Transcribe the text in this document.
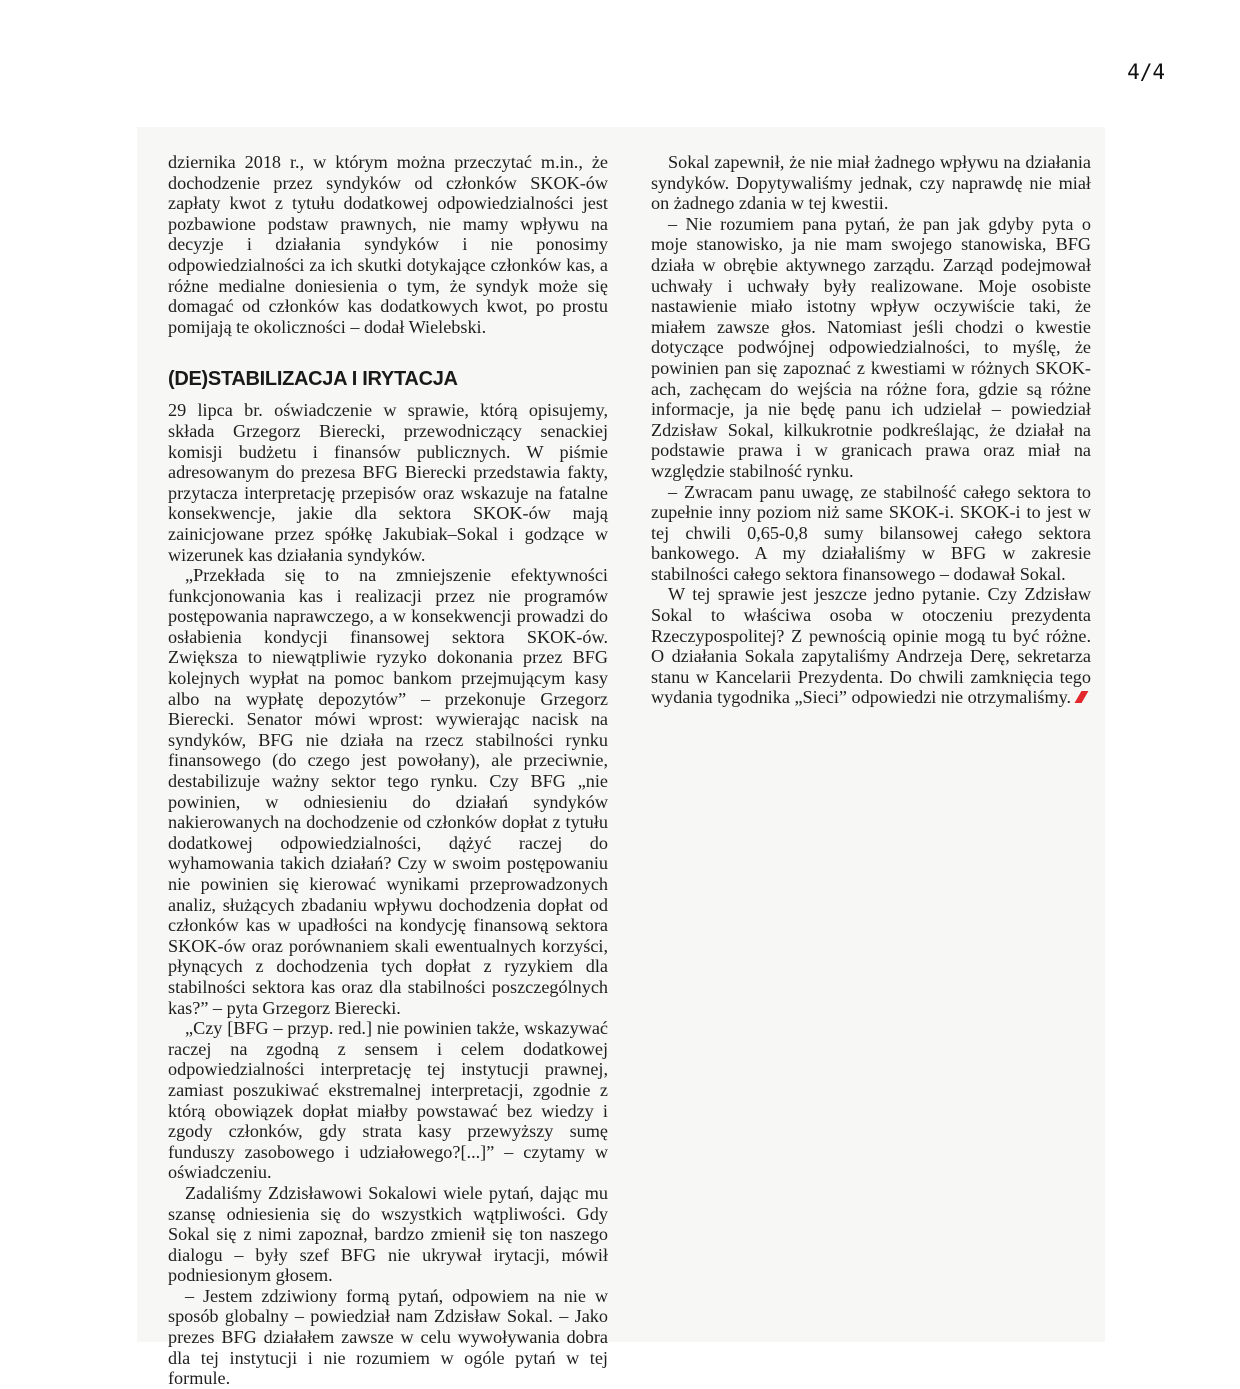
4/4

dziernika 2018 r., w którym można przeczytać m.in., że dochodzenie przez syndyków od członków SKOK-ów zapłaty kwot z tytułu dodatkowej odpowiedzialności jest pozbawione podstaw prawnych, nie mamy wpływu na decyzje i działania syndyków i nie ponosimy odpowiedzialności za ich skutki dotykające członków kas, a różne medialne doniesienia o tym, że syndyk może się domagać od członków kas dodatkowych kwot, po prostu pomijają te okoliczności – dodał Wielebski.

(DE)STABILIZACJA I IRYTACJA

29 lipca br. oświadczenie w sprawie, którą opisujemy, składa Grzegorz Bierecki, przewodniczący senackiej komisji budżetu i finansów publicznych. W piśmie adresowanym do prezesa BFG Bierecki przedstawia fakty, przytacza interpretację przepisów oraz wskazuje na fatalne konsekwencje, jakie dla sektora SKOK-ów mają zainicjowane przez spółkę Jakubiak–Sokal i godzące w wizerunek kas działania syndyków.

„Przekłada się to na zmniejszenie efektywności funkcjonowania kas i realizacji przez nie programów postępowania naprawczego, a w konsekwencji prowadzi do osłabienia kondycji finansowej sektora SKOK-ów. Zwiększa to niewątpliwie ryzyko dokonania przez BFG kolejnych wypłat na pomoc bankom przejmującym kasy albo na wypłatę depozytów” – przekonuje Grzegorz Bierecki. Senator mówi wprost: wywierając nacisk na syndyków, BFG nie działa na rzecz stabilności rynku finansowego (do czego jest powołany), ale przeciwnie, destabilizuje ważny sektor tego rynku. Czy BFG „nie powinien, w odniesieniu do działań syndyków nakierowanych na dochodzenie od członków dopłat z tytułu dodatkowej odpowiedzialności, dążyć raczej do wyhamowania takich działań? Czy w swoim postępowaniu nie powinien się kierować wynikami przeprowadzonych analiz, służących zbadaniu wpływu dochodzenia dopłat od członków kas w upadłości na kondycję finansową sektora SKOK-ów oraz porównaniem skali ewentualnych korzyści, płynących z dochodzenia tych dopłat z ryzykiem dla stabilności sektora kas oraz dla stabilności poszczególnych kas?” – pyta Grzegorz Bierecki.

„Czy [BFG – przyp. red.] nie powinien także, wskazywać raczej na zgodną z sensem i celem dodatkowej odpowiedzialności interpretację tej instytucji prawnej, zamiast poszukiwać ekstremalnej interpretacji, zgodnie z którą obowiązek dopłat miałby powstawać bez wiedzy i zgody członków, gdy strata kasy przewyższy sumę funduszy zasobowego i udziałowego?[...]” – czytamy w oświadczeniu.

Zadaliśmy Zdzisławowi Sokalowi wiele pytań, dając mu szansę odniesienia się do wszystkich wątpliwości. Gdy Sokal się z nimi zapoznał, bardzo zmienił się ton naszego dialogu – były szef BFG nie ukrywał irytacji, mówił podniesionym głosem.

– Jestem zdziwiony formą pytań, odpowiem na nie w sposób globalny – powiedział nam Zdzisław Sokal. – Jako prezes BFG działałem zawsze w celu wywoływania dobra dla tej instytucji i nie rozumiem w ogóle pytań w tej formule.

Sokal zapewnił, że nie miał żadnego wpływu na działania syndyków. Dopytywaliśmy jednak, czy naprawdę nie miał on żadnego zdania w tej kwestii.

– Nie rozumiem pana pytań, że pan jak gdyby pyta o moje stanowisko, ja nie mam swojego stanowiska, BFG działa w obrębie aktywnego zarządu. Zarząd podejmował uchwały i uchwały były realizowane. Moje osobiste nastawienie miało istotny wpływ oczywiście taki, że miałem zawsze głos. Natomiast jeśli chodzi o kwestie dotyczące podwójnej odpowiedzialności, to myślę, że powinien pan się zapoznać z kwestiami w różnych SKOK-ach, zachęcam do wejścia na różne fora, gdzie są różne informacje, ja nie będę panu ich udzielał – powiedział Zdzisław Sokal, kilkukrotnie podkreślając, że działał na podstawie prawa i w granicach prawa oraz miał na względzie stabilność rynku.

– Zwracam panu uwagę, ze stabilność całego sektora to zupełnie inny poziom niż same SKOK-i. SKOK-i to jest w tej chwili 0,65-0,8 sumy bilansowej całego sektora bankowego. A my działaliśmy w BFG w zakresie stabilności całego sektora finansowego – dodawał Sokal.

W tej sprawie jest jeszcze jedno pytanie. Czy Zdzisław Sokal to właściwa osoba w otoczeniu prezydenta Rzeczypospolitej? Z pewnością opinie mogą tu być różne. O działania Sokala zapytaliśmy Andrzeja Derę, sekretarza stanu w Kancelarii Prezydenta. Do chwili zamknięcia tego wydania tygodnika „Sieci” odpowiedzi nie otrzymaliśmy.
